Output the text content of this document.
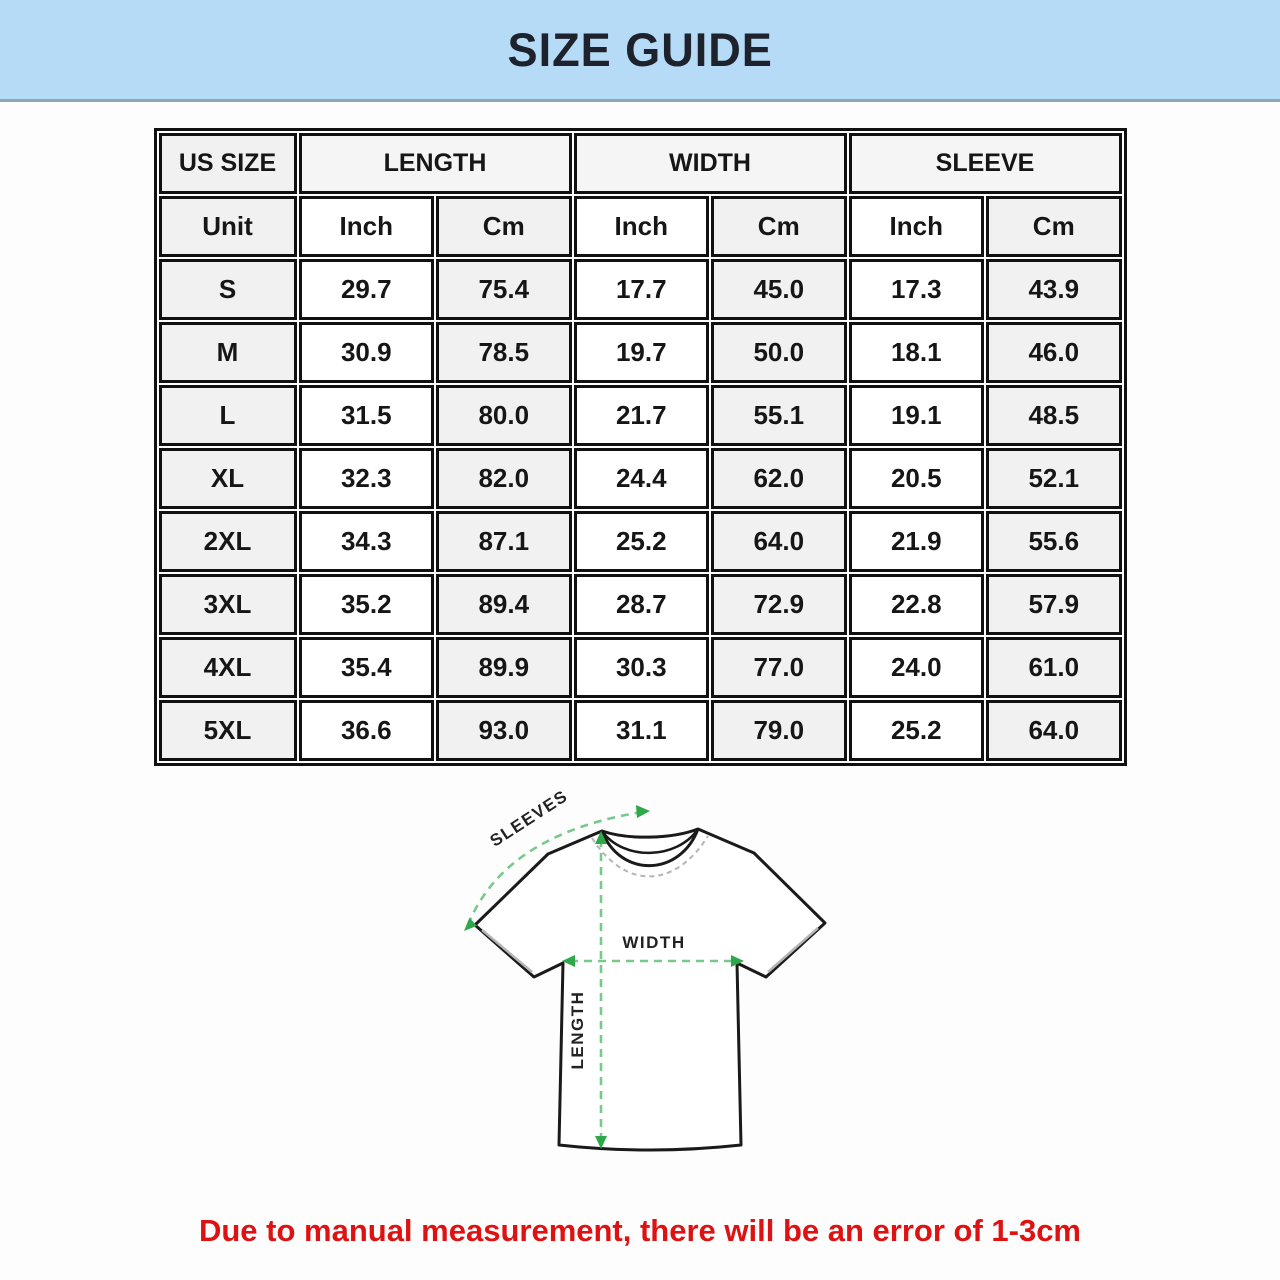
SIZE GUIDE
US SIZE	LENGTH		WIDTH		SLEEVE	
Unit	Inch	Cm	Inch	Cm	Inch	Cm
S	29.7	75.4	17.7	45.0	17.3	43.9
M	30.9	78.5	19.7	50.0	18.1	46.0
L	31.5	80.0	21.7	55.1	19.1	48.5
XL	32.3	82.0	24.4	62.0	20.5	52.1
2XL	34.3	87.1	25.2	64.0	21.9	55.6
3XL	35.2	89.4	28.7	72.9	22.8	57.9
4XL	35.4	89.9	30.3	77.0	24.0	61.0
5XL	36.6	93.0	31.1	79.0	25.2	64.0
SLEEVES
WIDTH
LENGTH
Due to manual measurement, there will be an error of 1-3cm
